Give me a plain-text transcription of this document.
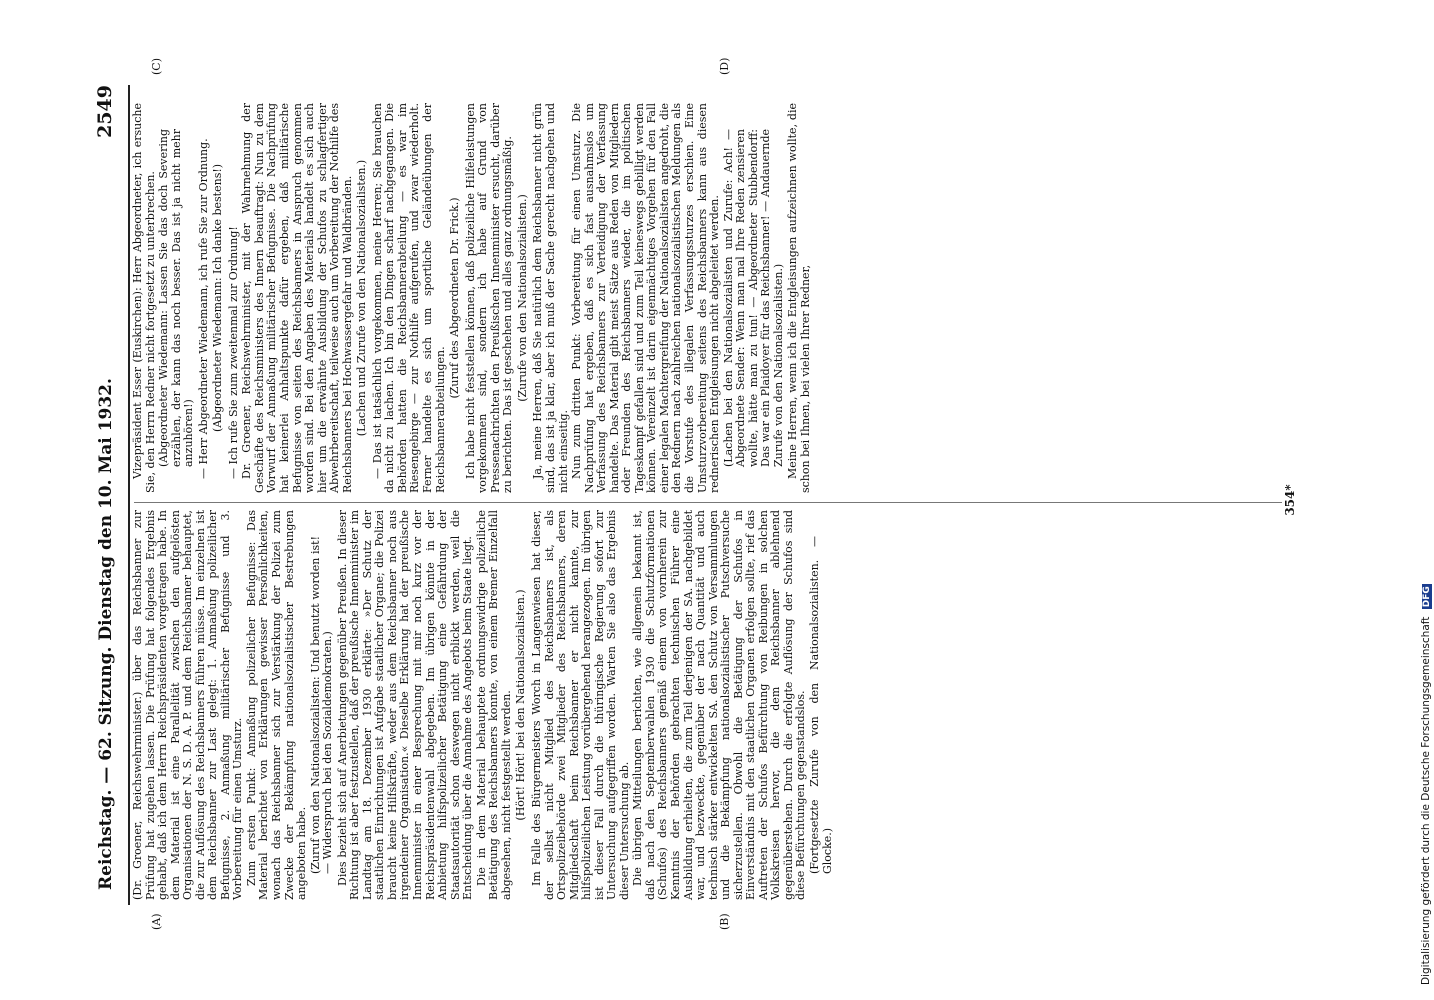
Reichstag. — 62. Sitzung. Dienstag den 10. Mai 1932.
2549
(A)	(B)
(C)	(D)

(Dr. Groener, Reichswehrminister.) über das Reichsbanner zur Prüfung hat zugehen lassen. Die Prüfung hat folgendes Ergebnis gehabt, daß ich dem Herrn Reichspräsidenten vorgetragen habe. In dem Material ist eine Parallelität zwischen den aufgelösten Organisationen der N. S. D. A. P. und dem Reichsbanner behauptet, die zur Auflösung des Reichsbanners führen müsse. Im einzelnen ist dem Reichsbanner zur Last gelegt: 1. Anmaßung polizeilicher Befugnisse, 2. Anmaßung militärischer Befugnisse und 3. Vorbereitung für einen Umsturz. Zum ersten Punkt: Anmaßung polizeilicher Befugnisse: Das Material berichtet von Erklärungen gewisser Persönlichkeiten, wonach das Reichsbanner sich zur Verstärkung der Polizei zum Zwecke der Bekämpfung nationalsozialistischer Bestrebungen angeboten habe. (Zuruf von den Nationalsozialisten: Und benutzt worden ist! — Widerspruch bei den Sozialdemokraten.) Dies bezieht sich auf Anerbietungen gegenüber Preußen. In dieser Richtung ist aber festzustellen, daß der preußische Innenminister im Landtag am 18. Dezember 1930 erklärte: »Der Schutz der staatlichen Einrichtungen ist Aufgabe staatlicher Organe; die Polizei braucht keine Hilfskräfte, weder aus dem Reichsbanner noch aus irgendeiner Organisation.« Dieselbe Erklärung hat der preußische Innenminister in einer Besprechung mit mir noch kurz vor der Reichspräsidentenwahl abgegeben. Im übrigen könnte in der Anbietung hilfspolizeilicher Betätigung eine Gefährdung der Staatsautorität schon deswegen nicht erblickt werden, weil die Entscheidung über die Annahme des Angebots beim Staate liegt. Die in dem Material behauptete ordnungswidrige polizeiliche Betätigung des Reichsbanners konnte, von einem Bremer Einzelfall abgesehen, nicht festgestellt werden. (Hört! Hört! bei den Nationalsozialisten.) Im Falle des Bürgermeisters Worch in Langenwiesen hat dieser, der selbst nicht Mitglied des Reichsbanners ist, als Ortspolizeibehörde zwei Mitglieder des Reichsbanners, deren Mitgliedschaft beim Reichsbanner er nicht kannte, zur hilfspolizeilichen Leistung vorübergehend herangezogen. Im übrigen ist dieser Fall durch die thüringische Regierung sofort zur Untersuchung aufgegriffen worden. Warten Sie also das Ergebnis dieser Untersuchung ab. Die übrigen Mitteilungen berichten, wie allgemein bekannt ist, daß nach den Septemberwahlen 1930 die Schutzformationen (Schufos) des Reichsbanners gemäß einem von vornherein zur Kenntnis der Behörden gebrachten technischen Führer eine Ausbildung erhielten, die zum Teil derjenigen der SA. nachgebildet war, und bezweckte, gegenüber der nach Quantität und auch technisch stärker entwickelten SA. den Schutz von Versammlungen und die Bekämpfung nationalsozialistischer Putschversuche sicherzustellen. Obwohl die Betätigung der Schufos in Einverständnis mit den staatlichen Organen erfolgen sollte, rief das Auftreten der Schufos Befürchtung von Reibungen in solchen Volkskreisen hervor, die dem Reichsbanner ablehnend gegenüberstehen. Durch die erfolgte Auflösung der Schufos sind diese Befürchtungen gegenstandslos. (Fortgesetzte Zurufe von den Nationalsozialisten. — Glocke.)

Vizepräsident Esser (Euskirchen): Herr Abgeordneter, ich ersuche Sie, den Herrn Redner nicht fortgesetzt zu unterbrechen. (Abgeordneter Wiedemann: Lassen Sie das doch Severing erzählen, der kann das noch besser. Das ist ja nicht mehr anzuhören!) — Herr Abgeordneter Wiedemann, ich rufe Sie zur Ordnung. (Abgeordneter Wiedemann: Ich danke bestens!) — Ich rufe Sie zum zweitenmal zur Ordnung! Dr. Groener, Reichswehrminister, mit der Wahrnehmung der Geschäfte des Reichsministers des Innern beauftragt: Nun zu dem Vorwurf der Anmaßung militärischer Befugnisse. Die Nachprüfung hat keinerlei Anhaltspunkte dafür ergeben, daß militärische Befugnisse von seiten des Reichsbanners in Anspruch genommen worden sind. Bei den Angaben des Materials handelt es sich auch hier um die erwähnte Ausbildung der Schufos zu schlagfertiger Abwehrbereitschaft, teilweise auch um Vorbereitung der Nothilfe des Reichsbanners bei Hochwassergefahr und Waldbränden. (Lachen und Zurufe von den Nationalsozialisten.) — Das ist tatsächlich vorgekommen, meine Herren; Sie brauchen da nicht zu lachen. Ich bin den Dingen scharf nachgegangen. Die Behörden hatten die Reichsbannerabteilung — es war im Riesengebirge — zur Nothilfe aufgerufen, und zwar wiederholt. Ferner handelte es sich um sportliche Geländeübungen der Reichsbannerabteilungen.

(Zuruf des Abgeordneten Dr. Frick.) Ich habe nicht feststellen können, daß polizeiliche Hilfeleistungen vorgekommen sind, sondern ich habe auf Grund von Pressenachrichten den Preußischen Innenminister ersucht, darüber zu berichten. Das ist geschehen und alles ganz ordnungsmäßig. (Zurufe von den Nationalsozialisten.) Ja, meine Herren, daß Sie natürlich dem Reichsbanner nicht grün sind, das ist ja klar, aber ich muß der Sache gerecht nachgehen und nicht einseitig. Nun zum dritten Punkt: Vorbereitung für einen Umsturz. Die Nachprüfung hat ergeben, daß es sich fast ausnahmslos um Verfassung des Reichsbanners zur Verteidigung der Verfassung handelte. Das Material gibt meist Sätze aus Reden von Mitgliedern oder Freunden des Reichsbanners wieder, die im politischen Tageskampf gefallen sind und zum Teil keineswegs gebilligt werden können. Vereinzelt ist darin eigenmächtiges Vorgehen für den Fall einer legalen Machtergreifung der Nationalsozialisten angedroht, die den Rednern nach zahlreichen nationalsozialistischen Meldungen als die Vorstufe des illegalen Verfassungssturzes erschien. Eine Umsturzvorbereitung seitens des Reichsbanners kann aus diesen rednerischen Entgleisungen nicht abgeleitet werden. (Lachen bei den Nationalsozialisten und Zurufe: Ach! — Abgeordnete Sender: Wenn man mal Ihre Reden zensieren wollte, hätte man zu tun! — Abgeordneter Stubbendorff: Das war ein Plaidoyer für das Reichsbanner! — Andauernde Zurufe von den Nationalsozialisten.) Meine Herren, wenn ich die Entgleisungen aufzeichnen wollte, die schon bei Ihnen, bei vielen Ihrer Redner,

354*
Digitalisierung gefördert durch die Deutsche Forschungsgemeinschaft DFG
